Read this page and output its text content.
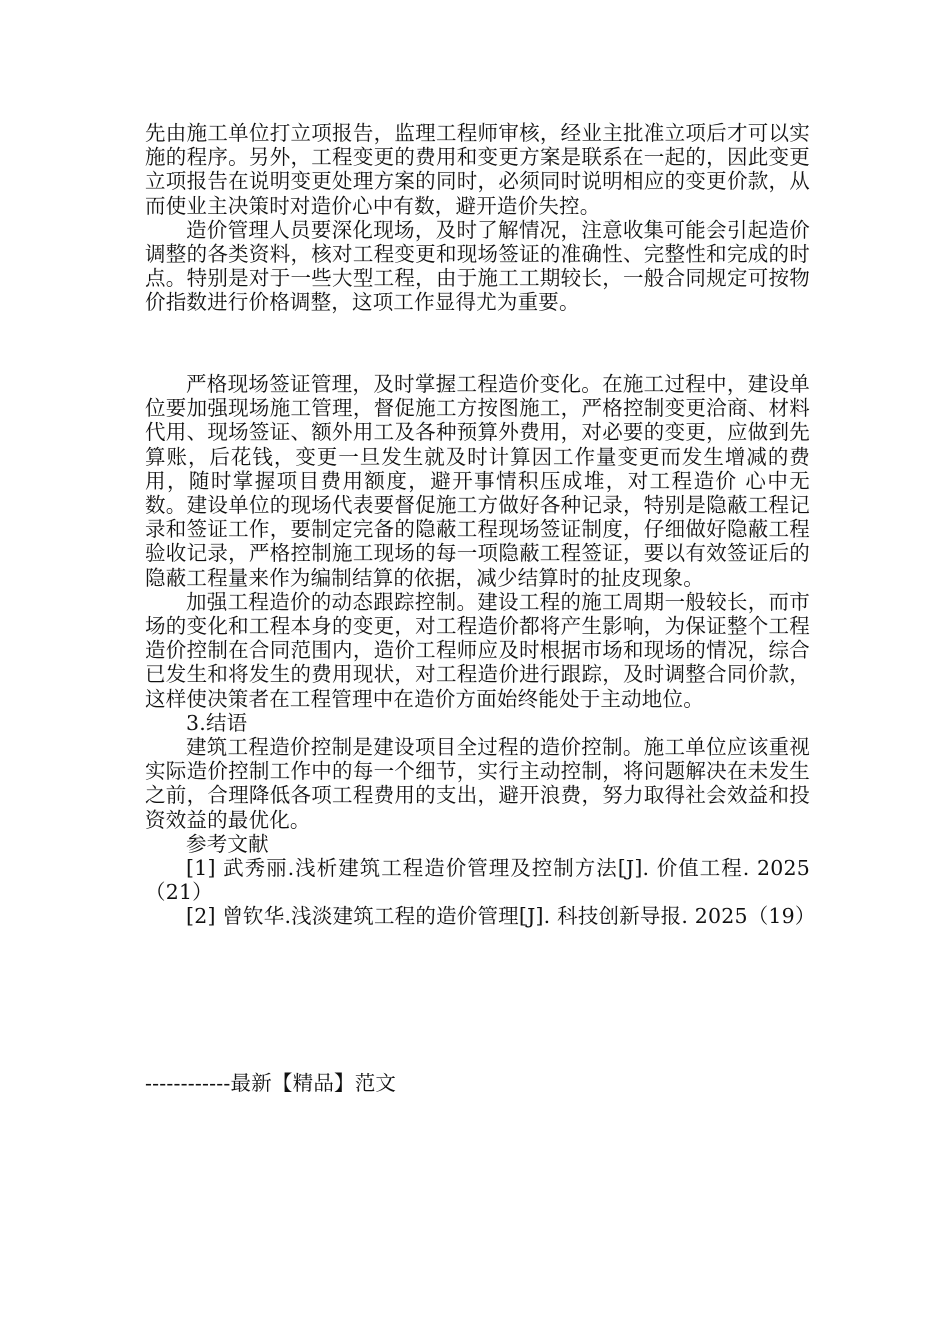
先由施工单位打立项报告，监理工程师审核，经业主批准立项后才可以实施的程序。另外，工程变更的费用和变更方案是联系在一起的，因此变更立项报告在说明变更处理方案的同时，必须同时说明相应的变更价款，从而使业主决策时对造价心中有数，避开造价失控。

造价管理人员要深化现场，及时了解情况，注意收集可能会引起造价调整的各类资料，核对工程变更和现场签证的准确性、完整性和完成的时点。特别是对于一些大型工程，由于施工工期较长，一般合同规定可按物价指数进行价格调整，这项工作显得尤为重要。

严格现场签证管理，及时掌握工程造价变化。在施工过程中，建设单位要加强现场施工管理，督促施工方按图施工，严格控制变更洽商、材料代用、现场签证、额外用工及各种预算外费用，对必要的变更，应做到先算账，后花钱，变更一旦发生就及时计算因工作量变更而发生增减的费用，随时掌握项目费用额度，避开事情积压成堆，对工程造价 心中无数。建设单位的现场代表要督促施工方做好各种记录，特别是隐蔽工程记录和签证工作，要制定完备的隐蔽工程现场签证制度，仔细做好隐蔽工程验收记录，严格控制施工现场的每一项隐蔽工程签证，要以有效签证后的隐蔽工程量来作为编制结算的依据，减少结算时的扯皮现象。

加强工程造价的动态跟踪控制。建设工程的施工周期一般较长，而市场的变化和工程本身的变更，对工程造价都将产生影响，为保证整个工程造价控制在合同范围内，造价工程师应及时根据市场和现场的情况，综合已发生和将发生的费用现状，对工程造价进行跟踪，及时调整合同价款，这样使决策者在工程管理中在造价方面始终能处于主动地位。

3.结语

建筑工程造价控制是建设项目全过程的造价控制。施工单位应该重视实际造价控制工作中的每一个细节，实行主动控制，将问题解决在未发生之前，合理降低各项工程费用的支出，避开浪费，努力取得社会效益和投资效益的最优化。

参考文献

[1] 武秀丽.浅析建筑工程造价管理及控制方法[J]. 价值工程. 2025（21）

[2] 曾钦华.浅淡建筑工程的造价管理[J]. 科技创新导报. 2025（19）

------------最新【精品】范文
